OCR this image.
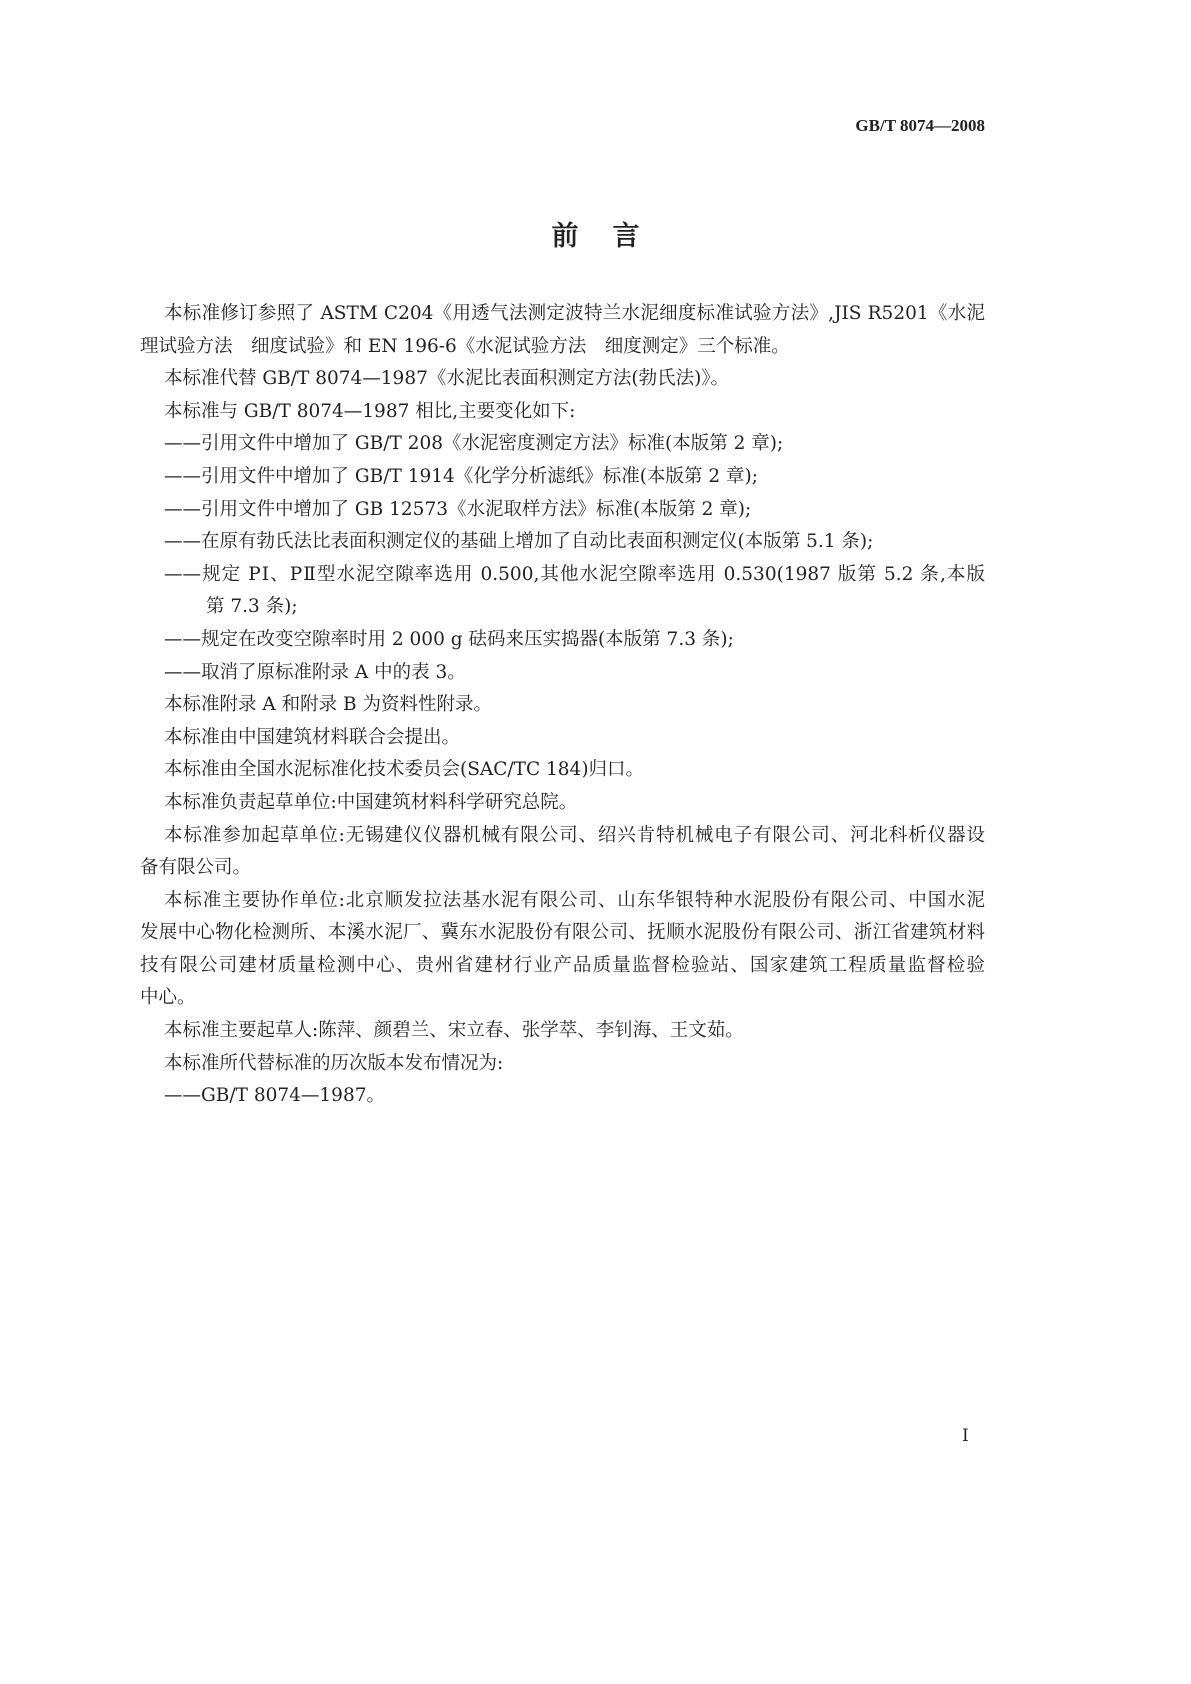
GB/T 8074—2008
前言
本标准修订参照了 ASTM C204《用透气法测定波特兰水泥细度标准试验方法》,JIS R5201《水泥
理试验方法　细度试验》和 EN 196-6《水泥试验方法　细度测定》三个标准。
本标准代替 GB/T 8074—1987《水泥比表面积测定方法(勃氏法)》。
本标准与 GB/T 8074—1987 相比,主要变化如下:
——引用文件中增加了 GB/T 208《水泥密度测定方法》标准(本版第 2 章);
——引用文件中增加了 GB/T 1914《化学分析滤纸》标准(本版第 2 章);
——引用文件中增加了 GB 12573《水泥取样方法》标准(本版第 2 章);
——在原有勃氏法比表面积测定仪的基础上增加了自动比表面积测定仪(本版第 5.1 条);
——规定 PⅠ、PⅡ型水泥空隙率选用 0.500,其他水泥空隙率选用 0.530(1987 版第 5.2 条,本版
第 7.3 条);
——规定在改变空隙率时用 2 000 g 砝码来压实捣器(本版第 7.3 条);
——取消了原标准附录 A 中的表 3。
本标准附录 A 和附录 B 为资料性附录。
本标准由中国建筑材料联合会提出。
本标准由全国水泥标准化技术委员会(SAC/TC 184)归口。
本标准负责起草单位:中国建筑材料科学研究总院。
本标准参加起草单位:无锡建仪仪器机械有限公司、绍兴肯特机械电子有限公司、河北科析仪器设
备有限公司。
本标准主要协作单位:北京顺发拉法基水泥有限公司、山东华银特种水泥股份有限公司、中国水泥
发展中心物化检测所、本溪水泥厂、冀东水泥股份有限公司、抚顺水泥股份有限公司、浙江省建筑材料
技有限公司建材质量检测中心、贵州省建材行业产品质量监督检验站、国家建筑工程质量监督检验
中心。
本标准主要起草人:陈萍、颜碧兰、宋立春、张学萃、李钊海、王文茹。
本标准所代替标准的历次版本发布情况为:
——GB/T 8074—1987。
I
